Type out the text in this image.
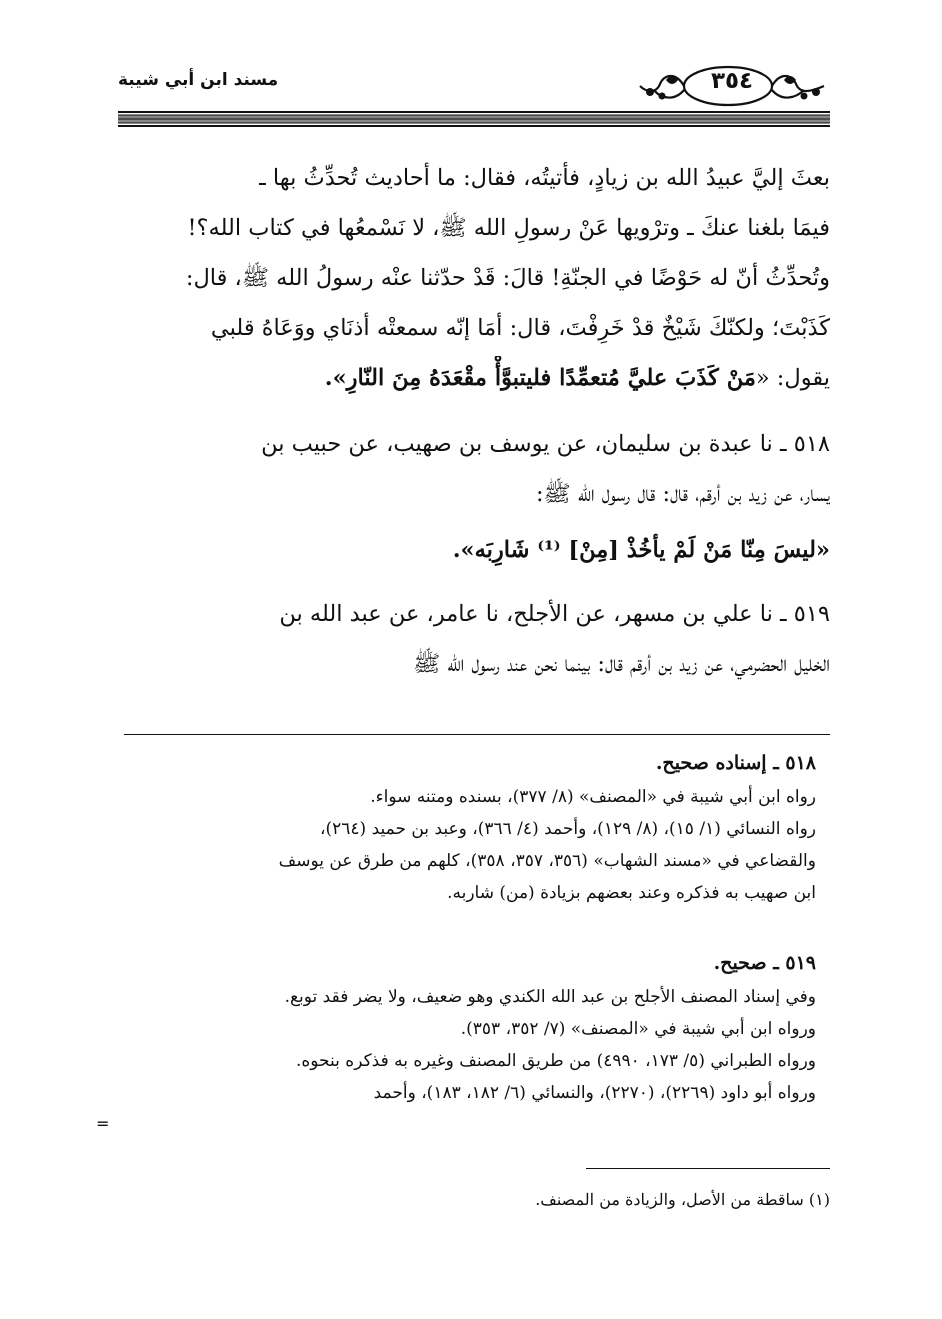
مسند ابن أبي شيبة	٣٥٤
بعثَ إليَّ عبيدُ الله بن زيادٍ، فأتيتُه، فقال: ما أحاديث تُحدِّثُ بها ـ
فيمَا بلغنا عنكَ ـ وترْويها عَنْ رسولِ الله ﷺ، لا نَسْمعُها في كتاب الله؟!
وتُحدِّثُ أنّ له حَوْضًا في الجنّةِ! قالَ: قَدْ حدّثنا عنْه رسولُ الله ﷺ، قال:
كَذَبْتَ؛ ولكنّكَ شَيْخٌ قدْ خَرِفْتَ، قال: أمَا إنّه سمعتْه أذنَاي ووَعَاهُ قلبي
يقول: «مَنْ كَذَبَ عليَّ مُتعمِّدًا فليتبوَّأْ مقْعَدَهُ مِنَ النّارِ».
٥١٨ ـ نا عبدة بن سليمان، عن يوسف بن صهيب، عن حبيب بن
يسار، عن زيد بن أرقم، قال: قال رسول الله ﷺ:
«ليسَ مِنّا مَنْ لَمْ يأخُذْ [مِنْ] ⁽¹⁾ شَارِبَه».
٥١٩ ـ نا علي بن مسهر، عن الأجلح، نا عامر، عن عبد الله بن
الخليل الحضرمي، عن زيد بن أرقم قال: بينما نحن عند رسول الله ﷺ
٥١٨ ـ إسناده صحيح.
رواه ابن أبي شيبة في «المصنف» (٨/ ٣٧٧)، بسنده ومتنه سواء.
رواه النسائي (١/ ١٥)، (٨/ ١٢٩)، وأحمد (٤/ ٣٦٦)، وعبد بن حميد (٢٦٤)،
والقضاعي في «مسند الشهاب» (٣٥٦، ٣٥٧، ٣٥٨)، كلهم من طرق عن يوسف
ابن صهيب به فذكره وعند بعضهم بزيادة (من) شاربه.
٥١٩ ـ صحيح.
وفي إسناد المصنف الأجلح بن عبد الله الكندي وهو ضعيف، ولا يضر فقد توبع.
ورواه ابن أبي شيبة في «المصنف» (٧/ ٣٥٢، ٣٥٣).
ورواه الطبراني (٥/ ١٧٣، ٤٩٩٠) من طريق المصنف وغيره به فذكره بنحوه.
ورواه أبو داود (٢٢٦٩)، (٢٢٧٠)، والنسائي (٦/ ١٨٢، ١٨٣)، وأحمد
=
(١) ساقطة من الأصل، والزيادة من المصنف.
